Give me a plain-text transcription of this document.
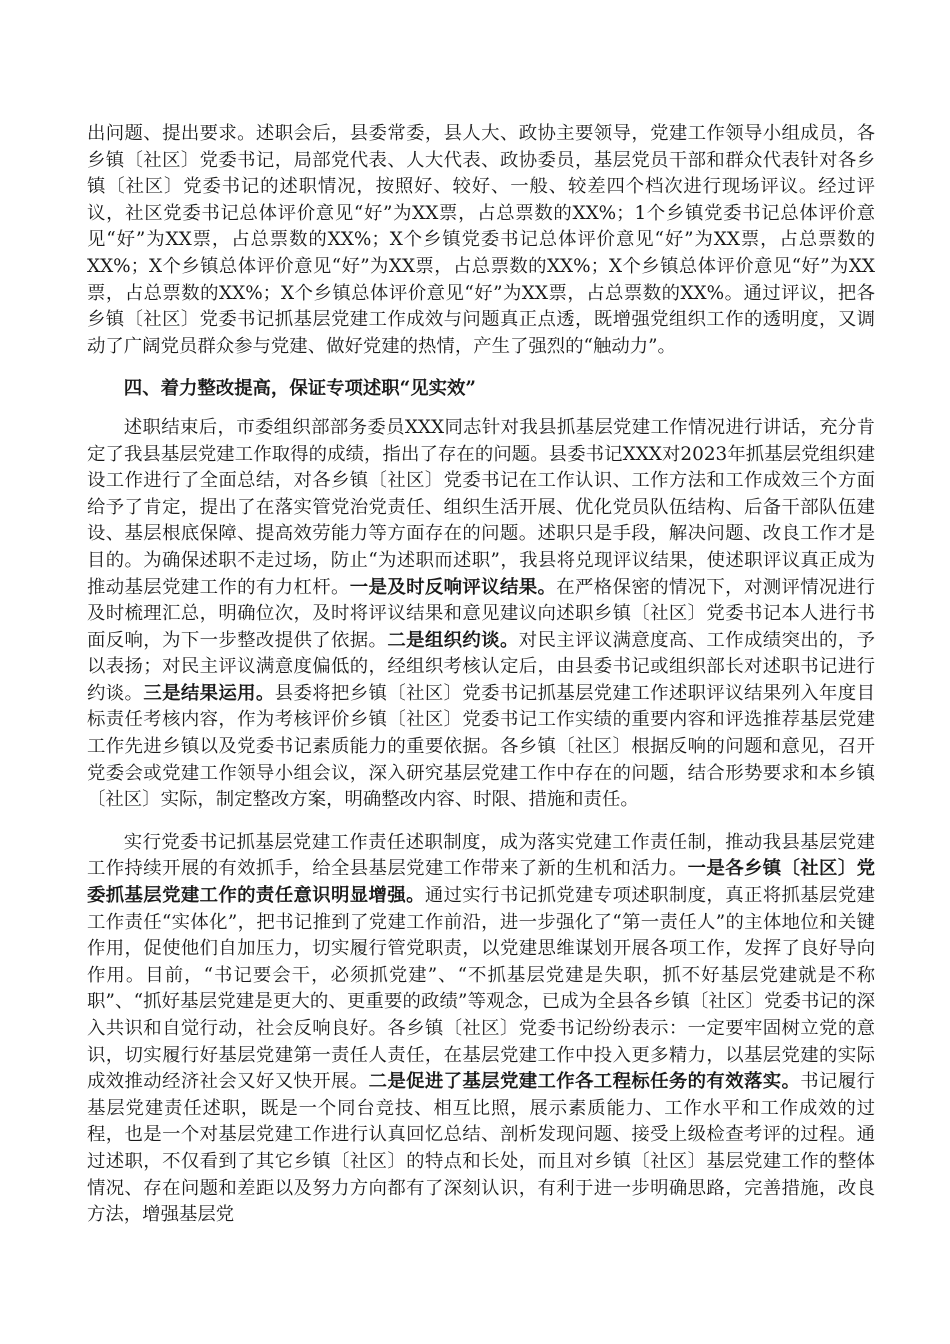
出问题、提出要求。述职会后，县委常委，县人大、政协主要领导，党建工作领导小组成员，各乡镇〔社区〕党委书记，局部党代表、人大代表、政协委员，基层党员干部和群众代表针对各乡镇〔社区〕党委书记的述职情况，按照好、较好、一般、较差四个档次进行现场评议。经过评议，社区党委书记总体评价意见“好”为XX票，占总票数的XX%；1个乡镇党委书记总体评价意见“好”为XX票，占总票数的XX%；X个乡镇党委书记总体评价意见“好”为XX票，占总票数的XX%；X个乡镇总体评价意见“好”为XX票，占总票数的XX%；X个乡镇总体评价意见“好”为XX票，占总票数的XX%；X个乡镇总体评价意见“好”为XX票，占总票数的XX%。通过评议，把各乡镇〔社区〕党委书记抓基层党建工作成效与问题真正点透，既增强党组织工作的透明度，又调动了广阔党员群众参与党建、做好党建的热情，产生了强烈的“触动力”。

四、着力整改提高，保证专项述职“见实效”

述职结束后，市委组织部部务委员XXX同志针对我县抓基层党建工作情况进行讲话，充分肯定了我县基层党建工作取得的成绩，指出了存在的问题。县委书记XXX对2023年抓基层党组织建设工作进行了全面总结，对各乡镇〔社区〕党委书记在工作认识、工作方法和工作成效三个方面给予了肯定，提出了在落实管党治党责任、组织生活开展、优化党员队伍结构、后备干部队伍建设、基层根底保障、提高效劳能力等方面存在的问题。述职只是手段，解决问题、改良工作才是目的。为确保述职不走过场，防止“为述职而述职”，我县将兑现评议结果，使述职评议真正成为推动基层党建工作的有力杠杆。一是及时反响评议结果。在严格保密的情况下，对测评情况进行及时梳理汇总，明确位次，及时将评议结果和意见建议向述职乡镇〔社区〕党委书记本人进行书面反响，为下一步整改提供了依据。二是组织约谈。对民主评议满意度高、工作成绩突出的，予以表扬；对民主评议满意度偏低的，经组织考核认定后，由县委书记或组织部长对述职书记进行约谈。三是结果运用。县委将把乡镇〔社区〕党委书记抓基层党建工作述职评议结果列入年度目标责任考核内容，作为考核评价乡镇〔社区〕党委书记工作实绩的重要内容和评选推荐基层党建工作先进乡镇以及党委书记素质能力的重要依据。各乡镇〔社区〕根据反响的问题和意见，召开党委会或党建工作领导小组会议，深入研究基层党建工作中存在的问题，结合形势要求和本乡镇〔社区〕实际，制定整改方案，明确整改内容、时限、措施和责任。

实行党委书记抓基层党建工作责任述职制度，成为落实党建工作责任制，推动我县基层党建工作持续开展的有效抓手，给全县基层党建工作带来了新的生机和活力。一是各乡镇〔社区〕党委抓基层党建工作的责任意识明显增强。通过实行书记抓党建专项述职制度，真正将抓基层党建工作责任“实体化”，把书记推到了党建工作前沿，进一步强化了“第一责任人”的主体地位和关键作用，促使他们自加压力，切实履行管党职责，以党建思维谋划开展各项工作，发挥了良好导向作用。目前，“书记要会干，必须抓党建”、“不抓基层党建是失职，抓不好基层党建就是不称职”、“抓好基层党建是更大的、更重要的政绩”等观念，已成为全县各乡镇〔社区〕党委书记的深入共识和自觉行动，社会反响良好。各乡镇〔社区〕党委书记纷纷表示：一定要牢固树立党的意识，切实履行好基层党建第一责任人责任，在基层党建工作中投入更多精力，以基层党建的实际成效推动经济社会又好又快开展。二是促进了基层党建工作各工程标任务的有效落实。书记履行基层党建责任述职，既是一个同台竞技、相互比照，展示素质能力、工作水平和工作成效的过程，也是一个对基层党建工作进行认真回忆总结、剖析发现问题、接受上级检查考评的过程。通过述职，不仅看到了其它乡镇〔社区〕的特点和长处，而且对乡镇〔社区〕基层党建工作的整体情况、存在问题和差距以及努力方向都有了深刻认识，有利于进一步明确思路，完善措施，改良方法，增强基层党
